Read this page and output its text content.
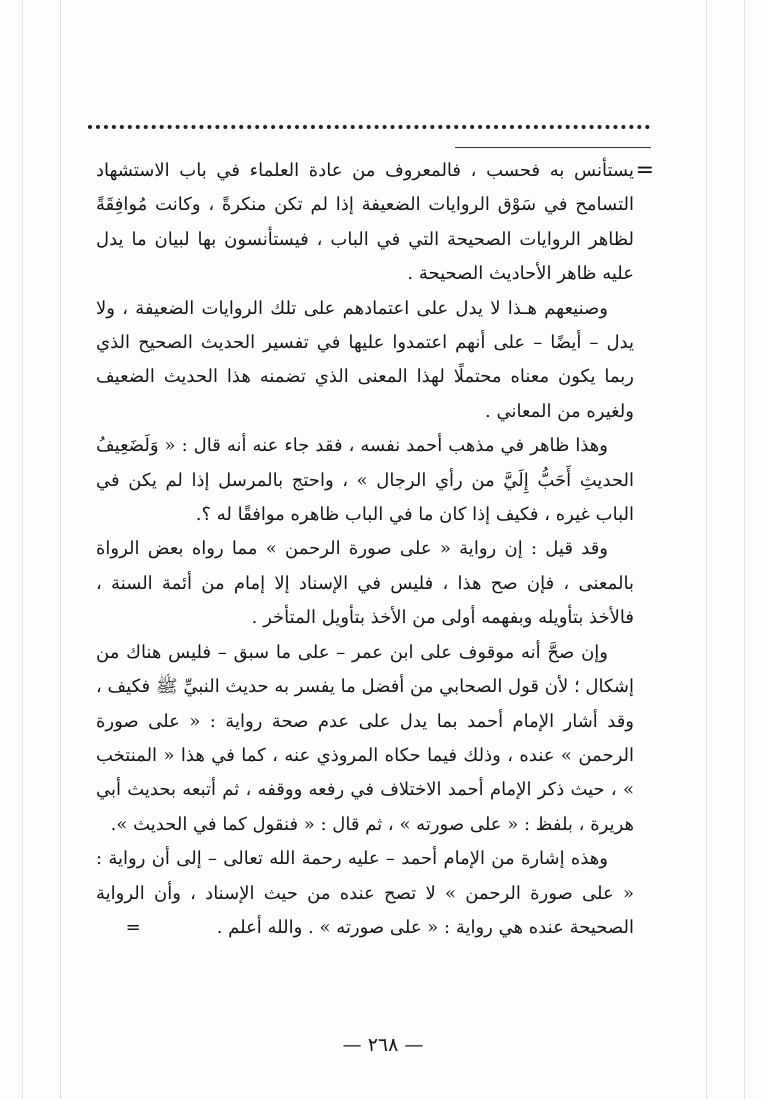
=

يستأنس به فحسب ، فالمعروف من عادة العلماء في باب الاستشهاد التسامح في سَوْق الروايات الضعيفة إذا لم تكن منكرةً ، وكانت مُوافِقَةً لظاهر الروايات الصحيحة التي في الباب ، فيستأنسون بها لبيان ما يدل عليه ظاهر الأحاديث الصحيحة .

وصنيعهم هـذا لا يدل على اعتمادهم على تلك الروايات الضعيفة ، ولا يدل – أيضًا – على أنهم اعتمدوا عليها في تفسير الحديث الصحيح الذي ربما يكون معناه محتملًا لهذا المعنى الذي تضمنه هذا الحديث الضعيف ولغيره من المعاني .

وهذا ظاهر في مذهب أحمد نفسه ، فقد جاء عنه أنه قال : « وَلَضَعِيفُ الحديثِ أَحَبُّ إِلَيَّ من رأي الرجال » ، واحتج بالمرسل إذا لم يكن في الباب غيره ، فكيف إذا كان ما في الباب ظاهره موافقًا له ؟.

وقد قيل : إن رواية « على صورة الرحمن » مما رواه بعض الرواة بالمعنى ، فإن صح هذا ، فليس في الإسناد إلا إمام من أئمة السنة ، فالأخذ بتأويله وبفهمه أولى من الأخذ بتأويل المتأخر .

وإن صحَّ أنه موقوف على ابن عمر – على ما سبق – فليس هناك من إشكال ؛ لأن قول الصحابي من أفضل ما يفسر به حديث النبيِّ ﷺ فكيف ، وقد أشار الإمام أحمد بما يدل على عدم صحة رواية : « على صورة الرحمن » عنده ، وذلك فيما حكاه المروذي عنه ، كما في هذا « المنتخب » ، حيث ذكر الإمام أحمد الاختلاف في رفعه ووقفه ، ثم أتبعه بحديث أبي هريرة ، بلفظ : « على صورته » ، ثم قال : « فنقول كما في الحديث ».

وهذه إشارة من الإمام أحمد – عليه رحمة الله تعالى – إلى أن رواية : « على صورة الرحمن » لا تصح عنده من حيث الإسناد ، وأن الرواية الصحيحة عنده هي رواية : « على صورته » . والله أعلم .=

— ٢٦٨ —
